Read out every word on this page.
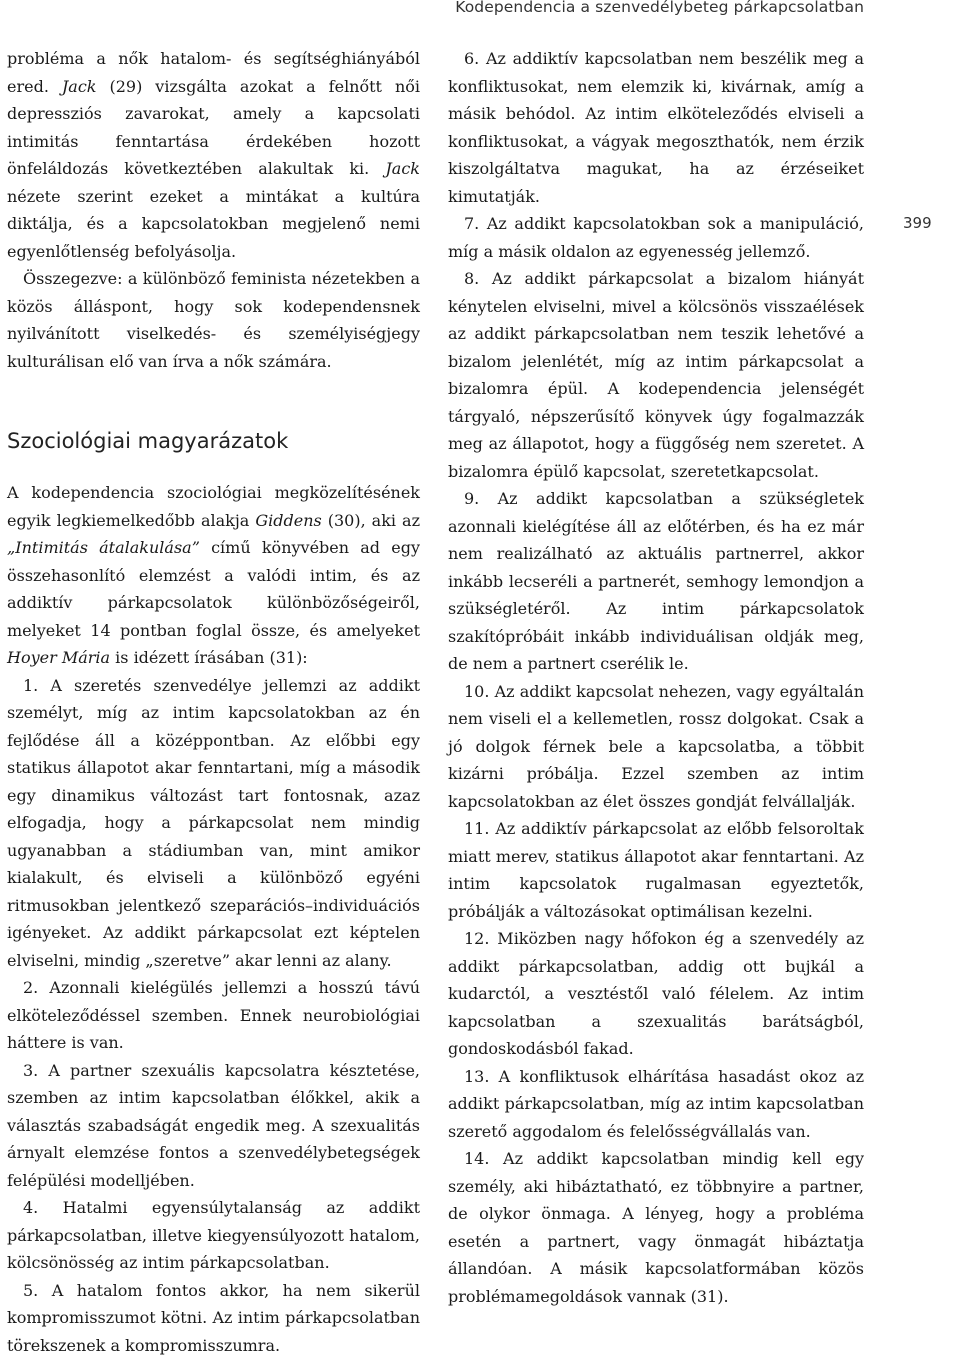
Kodependencia a szenvedélybeteg párkapcsolatban
399

probléma a nők hatalom- és segítséghiányából ered. Jack (29) vizsgálta azokat a felnőtt női depressziós zavarokat, amely a kapcsolati intimitás fenntartása érdekében hozott önfeláldozás következtében alakultak ki. Jack nézete szerint ezeket a mintákat a kultúra diktálja, és a kapcsolatokban megjelenő nemi egyenlőtlenség befolyásolja.

Összegezve: a különböző feminista nézetekben a közös álláspont, hogy sok kodependensnek nyilvánított viselkedés- és személyiségjegy kulturálisan elő van írva a nők számára.

Szociológiai magyarázatok

A kodependencia szociológiai megközelítésének egyik legkiemelkedőbb alakja Giddens (30), aki az „Intimitás átalakulása” című könyvében ad egy összehasonlító elemzést a valódi intim, és az addiktív párkapcsolatok különbözőségeiről, melyeket 14 pontban foglal össze, és amelyeket Hoyer Mária is idézett írásában (31):

1. A szeretés szenvedélye jellemzi az addikt személyt, míg az intim kapcsolatokban az én fejlődése áll a középpontban. Az előbbi egy statikus állapotot akar fenntartani, míg a második egy dinamikus változást tart fontosnak, azaz elfogadja, hogy a párkapcsolat nem mindig ugyanabban a stádiumban van, mint amikor kialakult, és elviseli a különböző egyéni ritmusokban jelentkező szeparációs–individuációs igényeket. Az addikt párkapcsolat ezt képtelen elviselni, mindig „szeretve” akar lenni az alany.

2. Azonnali kielégülés jellemzi a hosszú távú elköteleződéssel szemben. Ennek neurobiológiai háttere is van.

3. A partner szexuális kapcsolatra késztetése, szemben az intim kapcsolatban élőkkel, akik a választás szabadságát engedik meg. A szexualitás árnyalt elemzése fontos a szenvedélybetegségek felépülési modelljében.

4. Hatalmi egyensúlytalanság az addikt párkapcsolatban, illetve kiegyensúlyozott hatalom, kölcsönösség az intim párkapcsolatban.

5. A hatalom fontos akkor, ha nem sikerül kompromisszumot kötni. Az intim párkapcsolatban törekszenek a kompromisszumra.

6. Az addiktív kapcsolatban nem beszélik meg a konfliktusokat, nem elemzik ki, kivárnak, amíg a másik behódol. Az intim elköteleződés elviseli a konfliktusokat, a vágyak megoszthatók, nem érzik kiszolgáltatva magukat, ha az érzéseiket kimutatják.

7. Az addikt kapcsolatokban sok a manipuláció, míg a másik oldalon az egyenesség jellemző.

8. Az addikt párkapcsolat a bizalom hiányát kénytelen elviselni, mivel a kölcsönös visszaélések az addikt párkapcsolatban nem teszik lehetővé a bizalom jelenlétét, míg az intim párkapcsolat a bizalomra épül. A kodependencia jelenségét tárgyaló, népszerűsítő könyvek úgy fogalmazzák meg az állapotot, hogy a függőség nem szeretet. A bizalomra épülő kapcsolat, szeretetkapcsolat.

9. Az addikt kapcsolatban a szükségletek azonnali kielégítése áll az előtérben, és ha ez már nem realizálható az aktuális partnerrel, akkor inkább lecseréli a partnerét, semhogy lemondjon a szükségletéről. Az intim párkapcsolatok szakítópróbáit inkább individuálisan oldják meg, de nem a partnert cserélik le.

10. Az addikt kapcsolat nehezen, vagy egyáltalán nem viseli el a kellemetlen, rossz dolgokat. Csak a jó dolgok férnek bele a kapcsolatba, a többit kizárni próbálja. Ezzel szemben az intim kapcsolatokban az élet összes gondját felvállalják.

11. Az addiktív párkapcsolat az előbb felsoroltak miatt merev, statikus állapotot akar fenntartani. Az intim kapcsolatok rugalmasan egyeztetők, próbálják a változásokat optimálisan kezelni.

12. Miközben nagy hőfokon ég a szenvedély az addikt párkapcsolatban, addig ott bujkál a kudarctól, a vesztéstől való félelem. Az intim kapcsolatban a szexualitás barátságból, gondoskodásból fakad.

13. A konfliktusok elhárítása hasadást okoz az addikt párkapcsolatban, míg az intim kapcsolatban szerető aggodalom és felelősségvállalás van.

14. Az addikt kapcsolatban mindig kell egy személy, aki hibáztatható, ez többnyire a partner, de olykor önmaga. A lényeg, hogy a probléma esetén a partnert, vagy önmagát hibáztatja állandóan. A másik kapcsolatformában közös problémamegoldások vannak (31).
